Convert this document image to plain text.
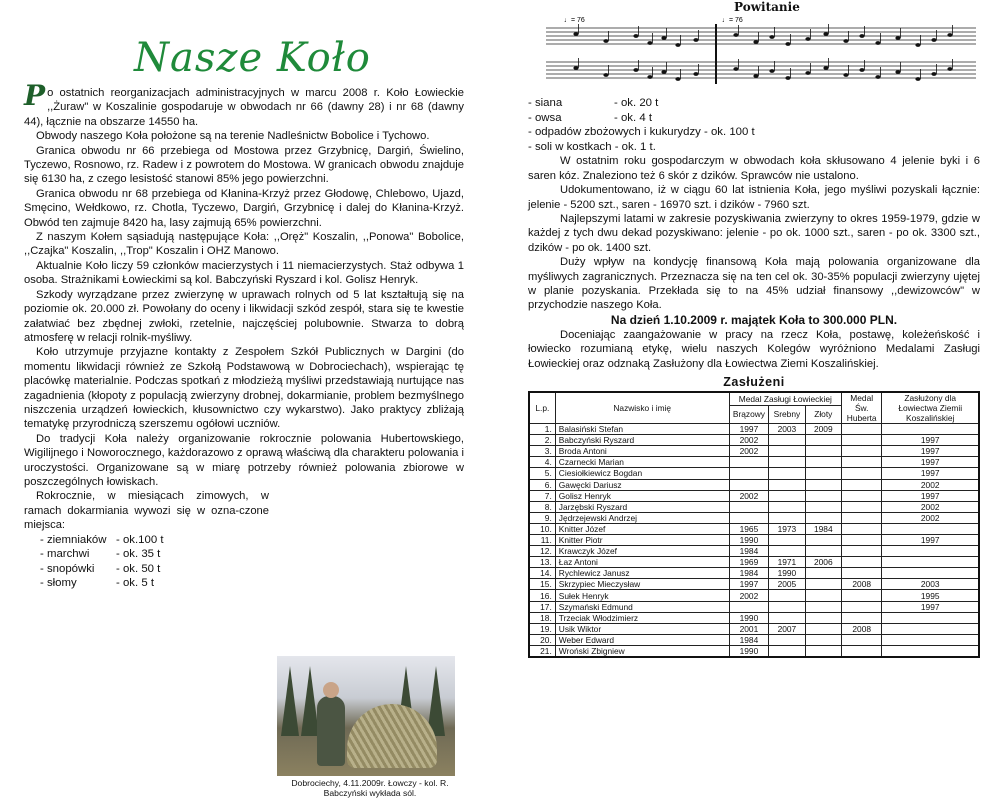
Nasze Koło
Po ostatnich reorganizacjach administracyjnych w marcu 2008 r. Koło Łowieckie ,,Żuraw" w Koszalinie gospodaruje w obwodach nr 66 (dawny 28) i nr 68 (dawny 44), łącznie na obszarze 14550 ha.
Obwody naszego Koła położone są na terenie Nadleśnictw Bobolice i Tychowo.
Granica obwodu nr 66 przebiega od Mostowa przez Grzybnicę, Dargiń, Świelino, Tyczewo, Rosnowo, rz. Radew i z powrotem do Mostowa. W granicach obwodu znajduje się 6130 ha, z czego lesistość stanowi 85% jego powierzchni.
Granica obwodu nr 68 przebiega od Kłanina-Krzyż przez Głodowę, Chlebowo, Ujazd, Smęcino, Wełdkowo, rz. Chotla, Tyczewo, Dargiń, Grzybnicę i dalej do Kłanina-Krzyż. Obwód ten zajmuje 8420 ha, lasy zajmują 65% powierzchni.
Z naszym Kołem sąsiadują następujące Koła: ,,Oręż" Koszalin, ,,Ponowa" Bobolice, ,,Czajka" Koszalin, ,,Trop" Koszalin i OHZ Manowo.
Aktualnie Koło liczy 59 członków macierzystych i 11 niemacierzystych. Staż odbywa 1 osoba. Strażnikami Łowieckimi są kol. Babczyński Ryszard i kol. Golisz Henryk.
Szkody wyrządzane przez zwierzynę w uprawach rolnych od 5 lat kształtują się na poziomie ok. 20.000 zł. Powołany do oceny i likwidacji szkód zespół, stara się te kwestie załatwiać bez zbędnej zwłoki, rzetelnie, najczęściej polubownie. Stwarza to dobrą atmosferę w relacji rolnik-myśliwy.
Koło utrzymuje przyjazne kontakty z Zespołem Szkół Publicznych w Dargini (do momentu likwidacji również ze Szkołą Podstawową w Dobrociechach), wspierając tę placówkę materialnie. Podczas spotkań z młodzieżą myśliwi przedstawiają nurtujące nas zagadnienia (kłopoty z populacją zwierzyny drobnej, dokarmianie, problem bezmyślnego niszczenia urządzeń łowieckich, kłusownictwo czy wykarstwo). Jako praktycy zbliżają tematykę przyrodniczą szerszemu ogółowi uczniów.
Do tradycji Koła należy organizowanie rokrocznie polowania Hubertowskiego, Wigilijnego i Noworocznego, każdorazowo z oprawą właściwą dla charakteru polowania i uroczystości. Organizowane są w miarę potrzeby również polowania zbiorowe w poszczególnych łowiskach.
Rokrocznie, w miesiącach zimowych, w ramach dokarmiania wywozi się w ozna-czone miejsca:
- ziemniaków - ok.100 t
- marchwi	- ok. 35 t
- snopówki	- ok. 50 t
- słomy	- ok. 5 t
Dobrociechy, 4.11.2009r. Łowczy - kol. R. Babczyński wykłada sól.
Powitanie
♩= 76	♩= 76
- siana	- ok. 20 t
- owsa	- ok. 4 t
- odpadów zbożowych i kukurydzy - ok. 100 t
- soli w kostkach - ok. 1 t.
W ostatnim roku gospodarczym w obwodach koła skłusowano 4 jelenie byki i 6 saren kóz. Znaleziono też 6 skór z dzików. Sprawców nie ustalono.
Udokumentowano, iż w ciągu 60 lat istnienia Koła, jego myśliwi pozyskali łącznie: jelenie - 5200 szt., saren - 16970 szt. i dzików - 7960 szt.
Najlepszymi latami w zakresie pozyskiwania zwierzyny to okres 1959-1979, gdzie w każdej z tych dwu dekad pozyskiwano: jelenie - po ok. 1000 szt., saren - po ok. 3300 szt., dzików - po ok. 1400 szt.
Duży wpływ na kondycję finansową Koła mają polowania organizowane dla myśliwych zagranicznych. Przeznacza się na ten cel ok. 30-35% populacji zwierzyny ujętej w planie pozyskania. Przekłada się to na 45% udział finansowy ,,dewizowców" w przychodzie naszego Koła.
Na dzień 1.10.2009 r. majątek Koła to 300.000 PLN.
Doceniając zaangażowanie w pracy na rzecz Koła, postawę, koleżeńskość i łowiecko rozumianą etykę, wielu naszych Kolegów wyróżniono Medalami Zasługi Łowieckiej oraz odznaką Zasłużony dla Łowiectwa Ziemi Koszalińskiej.
Zasłużeni
L.p.	Nazwisko i imię	Medal Zasługi Łowieckiej			Medal Św. Huberta	Zasłużony dla Łowiectwa Ziemii Koszalińskiej
		Brązowy	Srebny	Złoty		
1.	Balasiński Stefan	1997	2003	2009		
2.	Babczyński Ryszard	2002				1997
3.	Broda Antoni	2002				1997
4.	Czarnecki Marian					1997
5.	Ciesiołkiewicz Bogdan					1997
6.	Gawęcki Dariusz					2002
7.	Golisz Henryk	2002				1997
8.	Jarzębski Ryszard					2002
9.	Jędrzejewski Andrzej					2002
10.	Knitter Józef	1965	1973	1984		
11.	Knitter Piotr	1990				1997
12.	Krawczyk Józef	1984				
13.	Łaz Antoni	1969	1971	2006		
14.	Rychlewicz Janusz	1984	1990			
15.	Skrzypiec Mieczysław	1997	2005		2008	2003
16.	Sułek Henryk	2002				1995
17.	Szymański Edmund					1997
18.	Trzeciak Włodzimierz	1990				
19.	Usik Wiktor	2001	2007		2008	
20.	Weber Edward	1984				
21.	Wroński Zbigniew	1990				
